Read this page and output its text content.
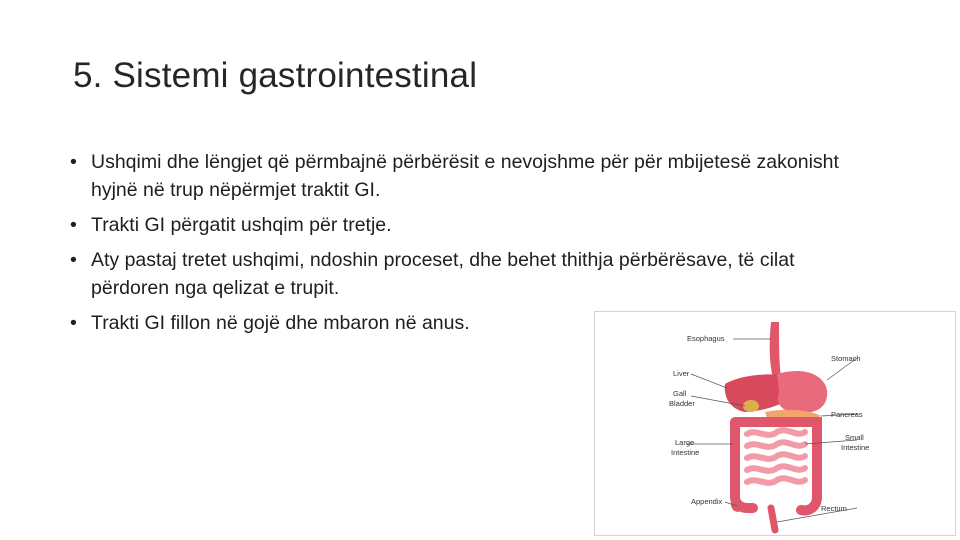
5. Sistemi gastrointestinal
• Ushqimi dhe lëngjet që përmbajnë përbërësit e nevojshme për për mbijetesë zakonisht hyjnë në trup nëpërmjet traktit GI.
• Trakti GI përgatit ushqim për tretje.
• Aty pastaj tretet ushqimi, ndoshin proceset, dhe behet thithja përbërësave, të cilat përdoren nga qelizat e trupit.
• Trakti GI fillon në gojë dhe mbaron në anus.
Esophagus
Stomach
Liver
Gall
Bladder
Pancreas
Large
Intestine
Small
Intestine
Appendix
Rectum
